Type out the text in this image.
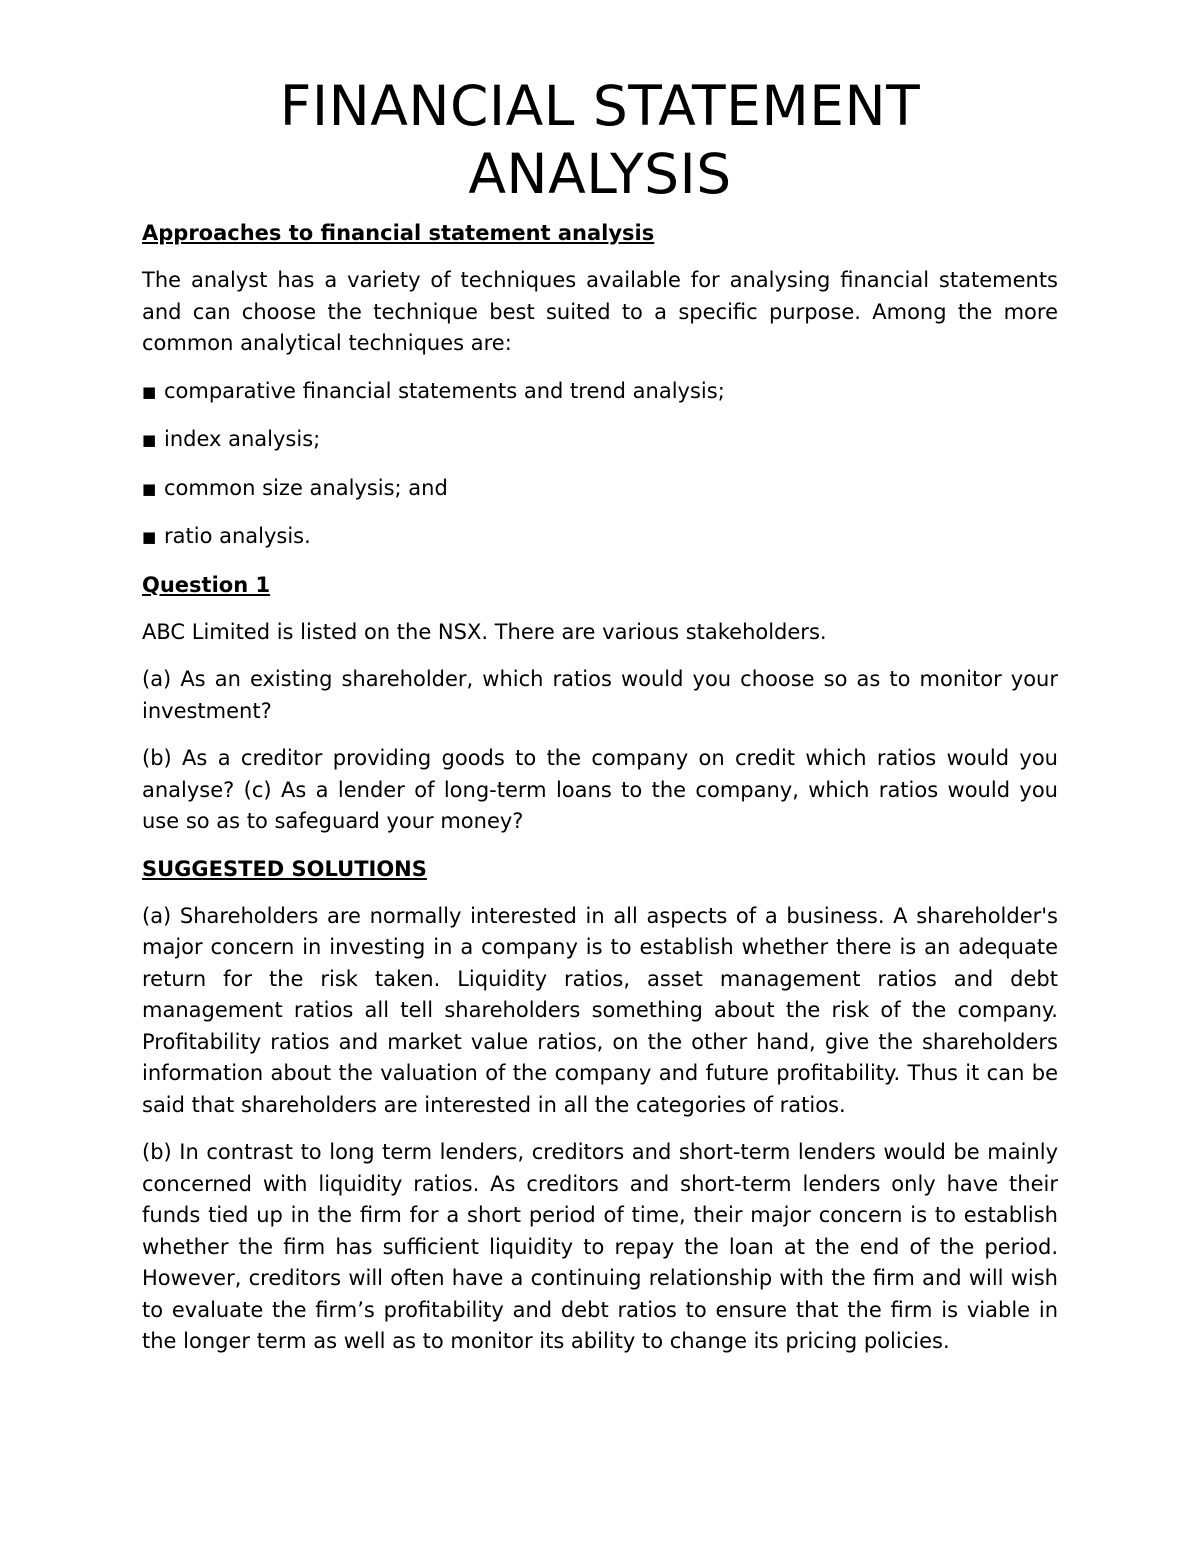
FINANCIAL STATEMENT
ANALYSIS
Approaches to financial statement analysis

The analyst has a variety of techniques available for analysing financial statements and can choose the technique best suited to a specific purpose. Among the more common analytical techniques are:

■ comparative financial statements and trend analysis;
■ index analysis;
■ common size analysis; and
■ ratio analysis.
Question 1

ABC Limited is listed on the NSX. There are various stakeholders.

(a) As an existing shareholder, which ratios would you choose so as to monitor your investment?

(b) As a creditor providing goods to the company on credit which ratios would you analyse? (c) As a lender of long-term loans to the company, which ratios would you use so as to safeguard your money?

SUGGESTED SOLUTIONS

(a) Shareholders are normally interested in all aspects of a business. A shareholder's major concern in investing in a company is to establish whether there is an adequate return for the risk taken. Liquidity ratios, asset management ratios and debt management ratios all tell shareholders something about the risk of the company. Profitability ratios and market value ratios, on the other hand, give the shareholders information about the valuation of the company and future profitability. Thus it can be said that shareholders are interested in all the categories of ratios.

(b) In contrast to long term lenders, creditors and short-term lenders would be mainly concerned with liquidity ratios. As creditors and short-term lenders only have their funds tied up in the firm for a short period of time, their major concern is to establish whether the firm has sufficient liquidity to repay the loan at the end of the period. However, creditors will often have a continuing relationship with the firm and will wish to evaluate the firm’s profitability and debt ratios to ensure that the firm is viable in the longer term as well as to monitor its ability to change its pricing policies.
